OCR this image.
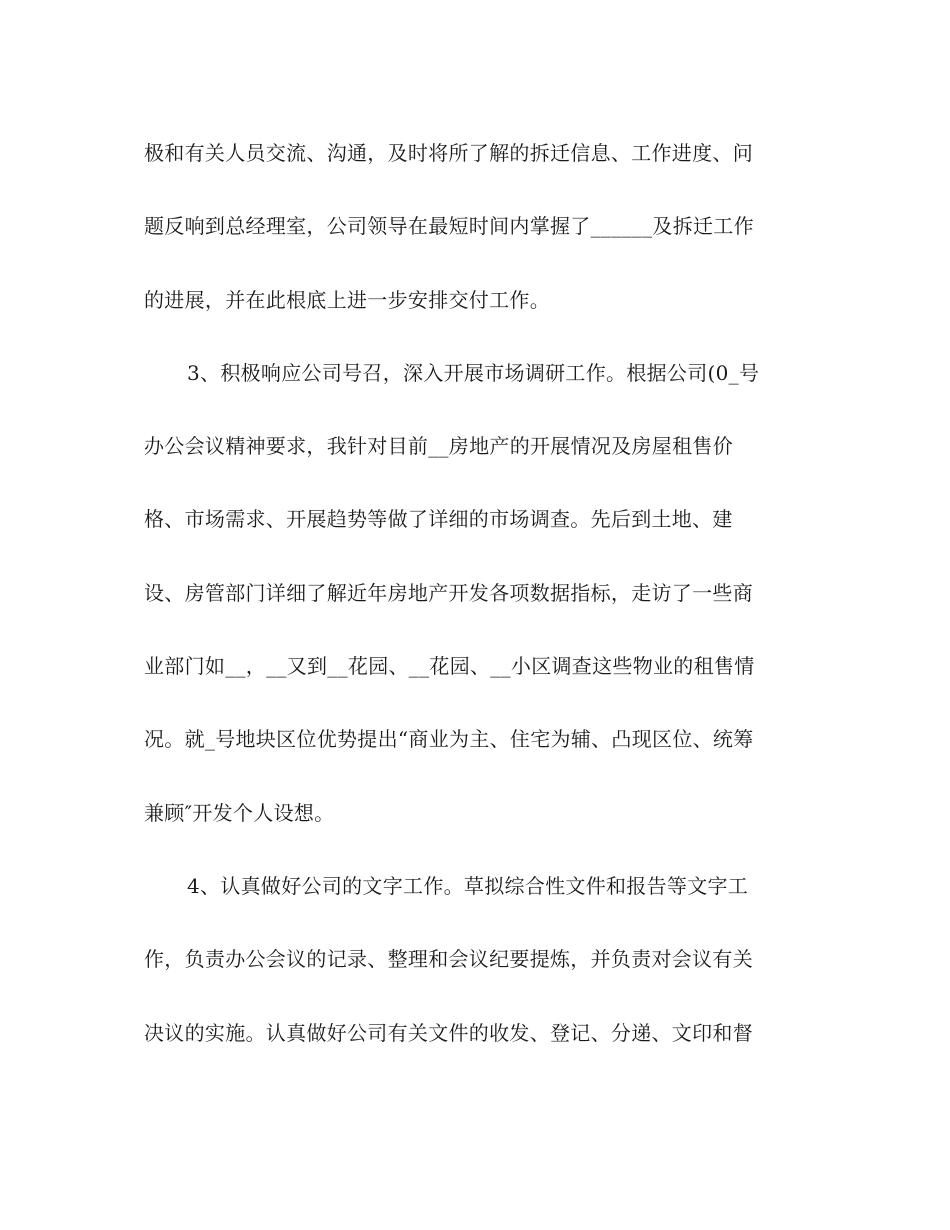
极和有关人员交流、沟通，及时将所了解的拆迁信息、工作进度、问
题反响到总经理室，公司领导在最短时间内掌握了______及拆迁工作
的进展，并在此根底上进一步安排交付工作。
3、积极响应公司号召，深入开展市场调研工作。根据公司(0_号
办公会议精神要求，我针对目前__房地产的开展情况及房屋租售价
格、市场需求、开展趋势等做了详细的市场调查。先后到土地、建
设、房管部门详细了解近年房地产开发各项数据指标，走访了一些商
业部门如__，__又到__花园、__花园、__小区调查这些物业的租售情
况。就_号地块区位优势提出“商业为主、住宅为辅、凸现区位、统筹
兼顾″开发个人设想。
4、认真做好公司的文字工作。草拟综合性文件和报告等文字工
作，负责办公会议的记录、整理和会议纪要提炼，并负责对会议有关
决议的实施。认真做好公司有关文件的收发、登记、分递、文印和督
